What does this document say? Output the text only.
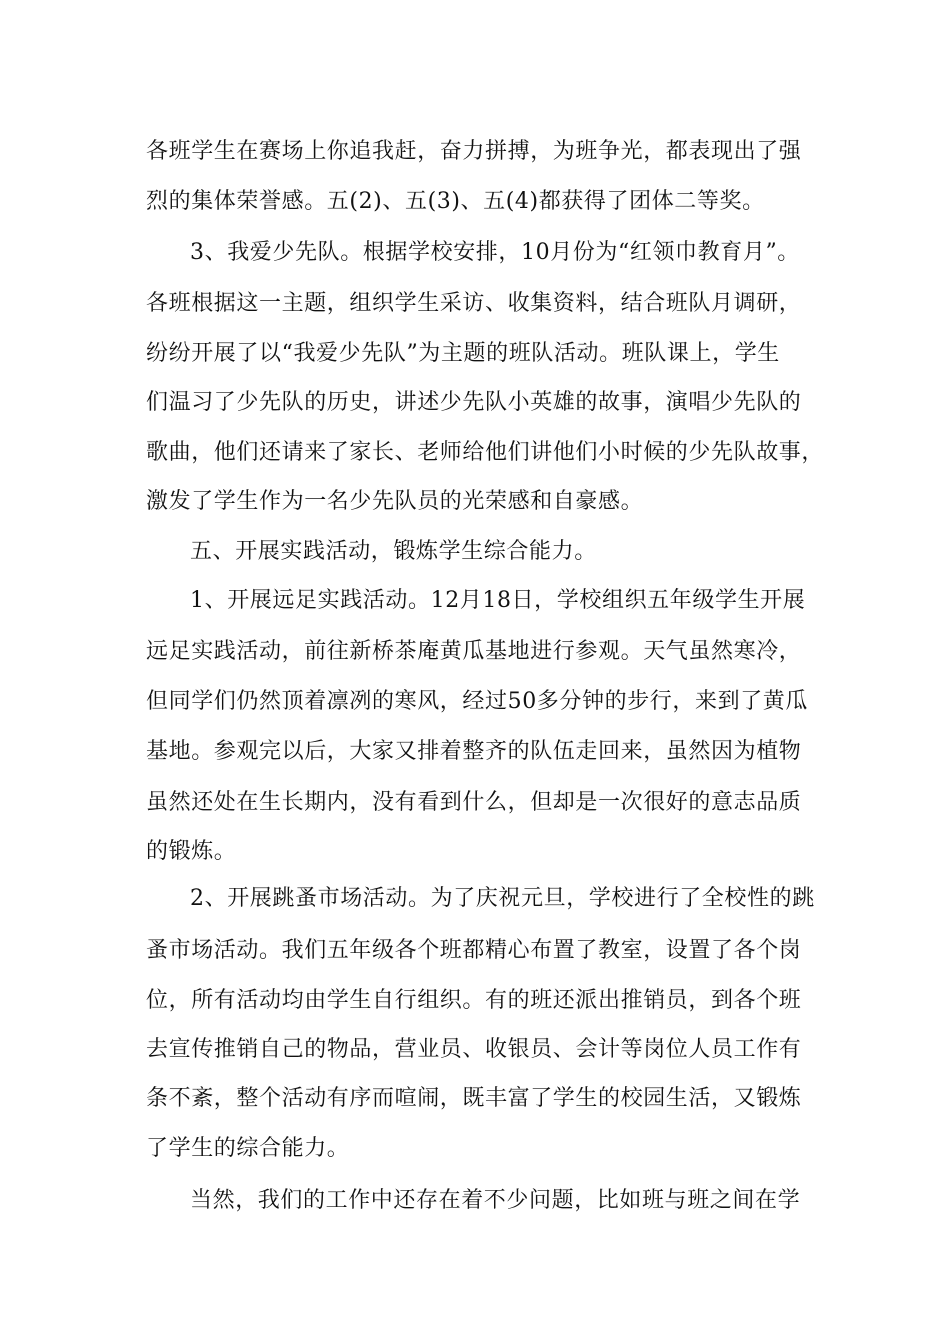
各班学生在赛场上你追我赶，奋力拼搏，为班争光，都表现出了强
烈的集体荣誉感。五(2)、五(3)、五(4)都获得了团体二等奖。
3、我爱少先队。根据学校安排，10月份为“红领巾教育月”。
各班根据这一主题，组织学生采访、收集资料，结合班队月调研，
纷纷开展了以“我爱少先队”为主题的班队活动。班队课上，学生
们温习了少先队的历史，讲述少先队小英雄的故事，演唱少先队的
歌曲，他们还请来了家长、老师给他们讲他们小时候的少先队故事，
激发了学生作为一名少先队员的光荣感和自豪感。
五、开展实践活动，锻炼学生综合能力。
1、开展远足实践活动。12月18日，学校组织五年级学生开展
远足实践活动，前往新桥茶庵黄瓜基地进行参观。天气虽然寒冷，
但同学们仍然顶着凛冽的寒风，经过50多分钟的步行，来到了黄瓜
基地。参观完以后，大家又排着整齐的队伍走回来，虽然因为植物
虽然还处在生长期内，没有看到什么，但却是一次很好的意志品质
的锻炼。
2、开展跳蚤市场活动。为了庆祝元旦，学校进行了全校性的跳
蚤市场活动。我们五年级各个班都精心布置了教室，设置了各个岗
位，所有活动均由学生自行组织。有的班还派出推销员，到各个班
去宣传推销自己的物品，营业员、收银员、会计等岗位人员工作有
条不紊，整个活动有序而喧闹，既丰富了学生的校园生活，又锻炼
了学生的综合能力。
当然，我们的工作中还存在着不少问题，比如班与班之间在学
